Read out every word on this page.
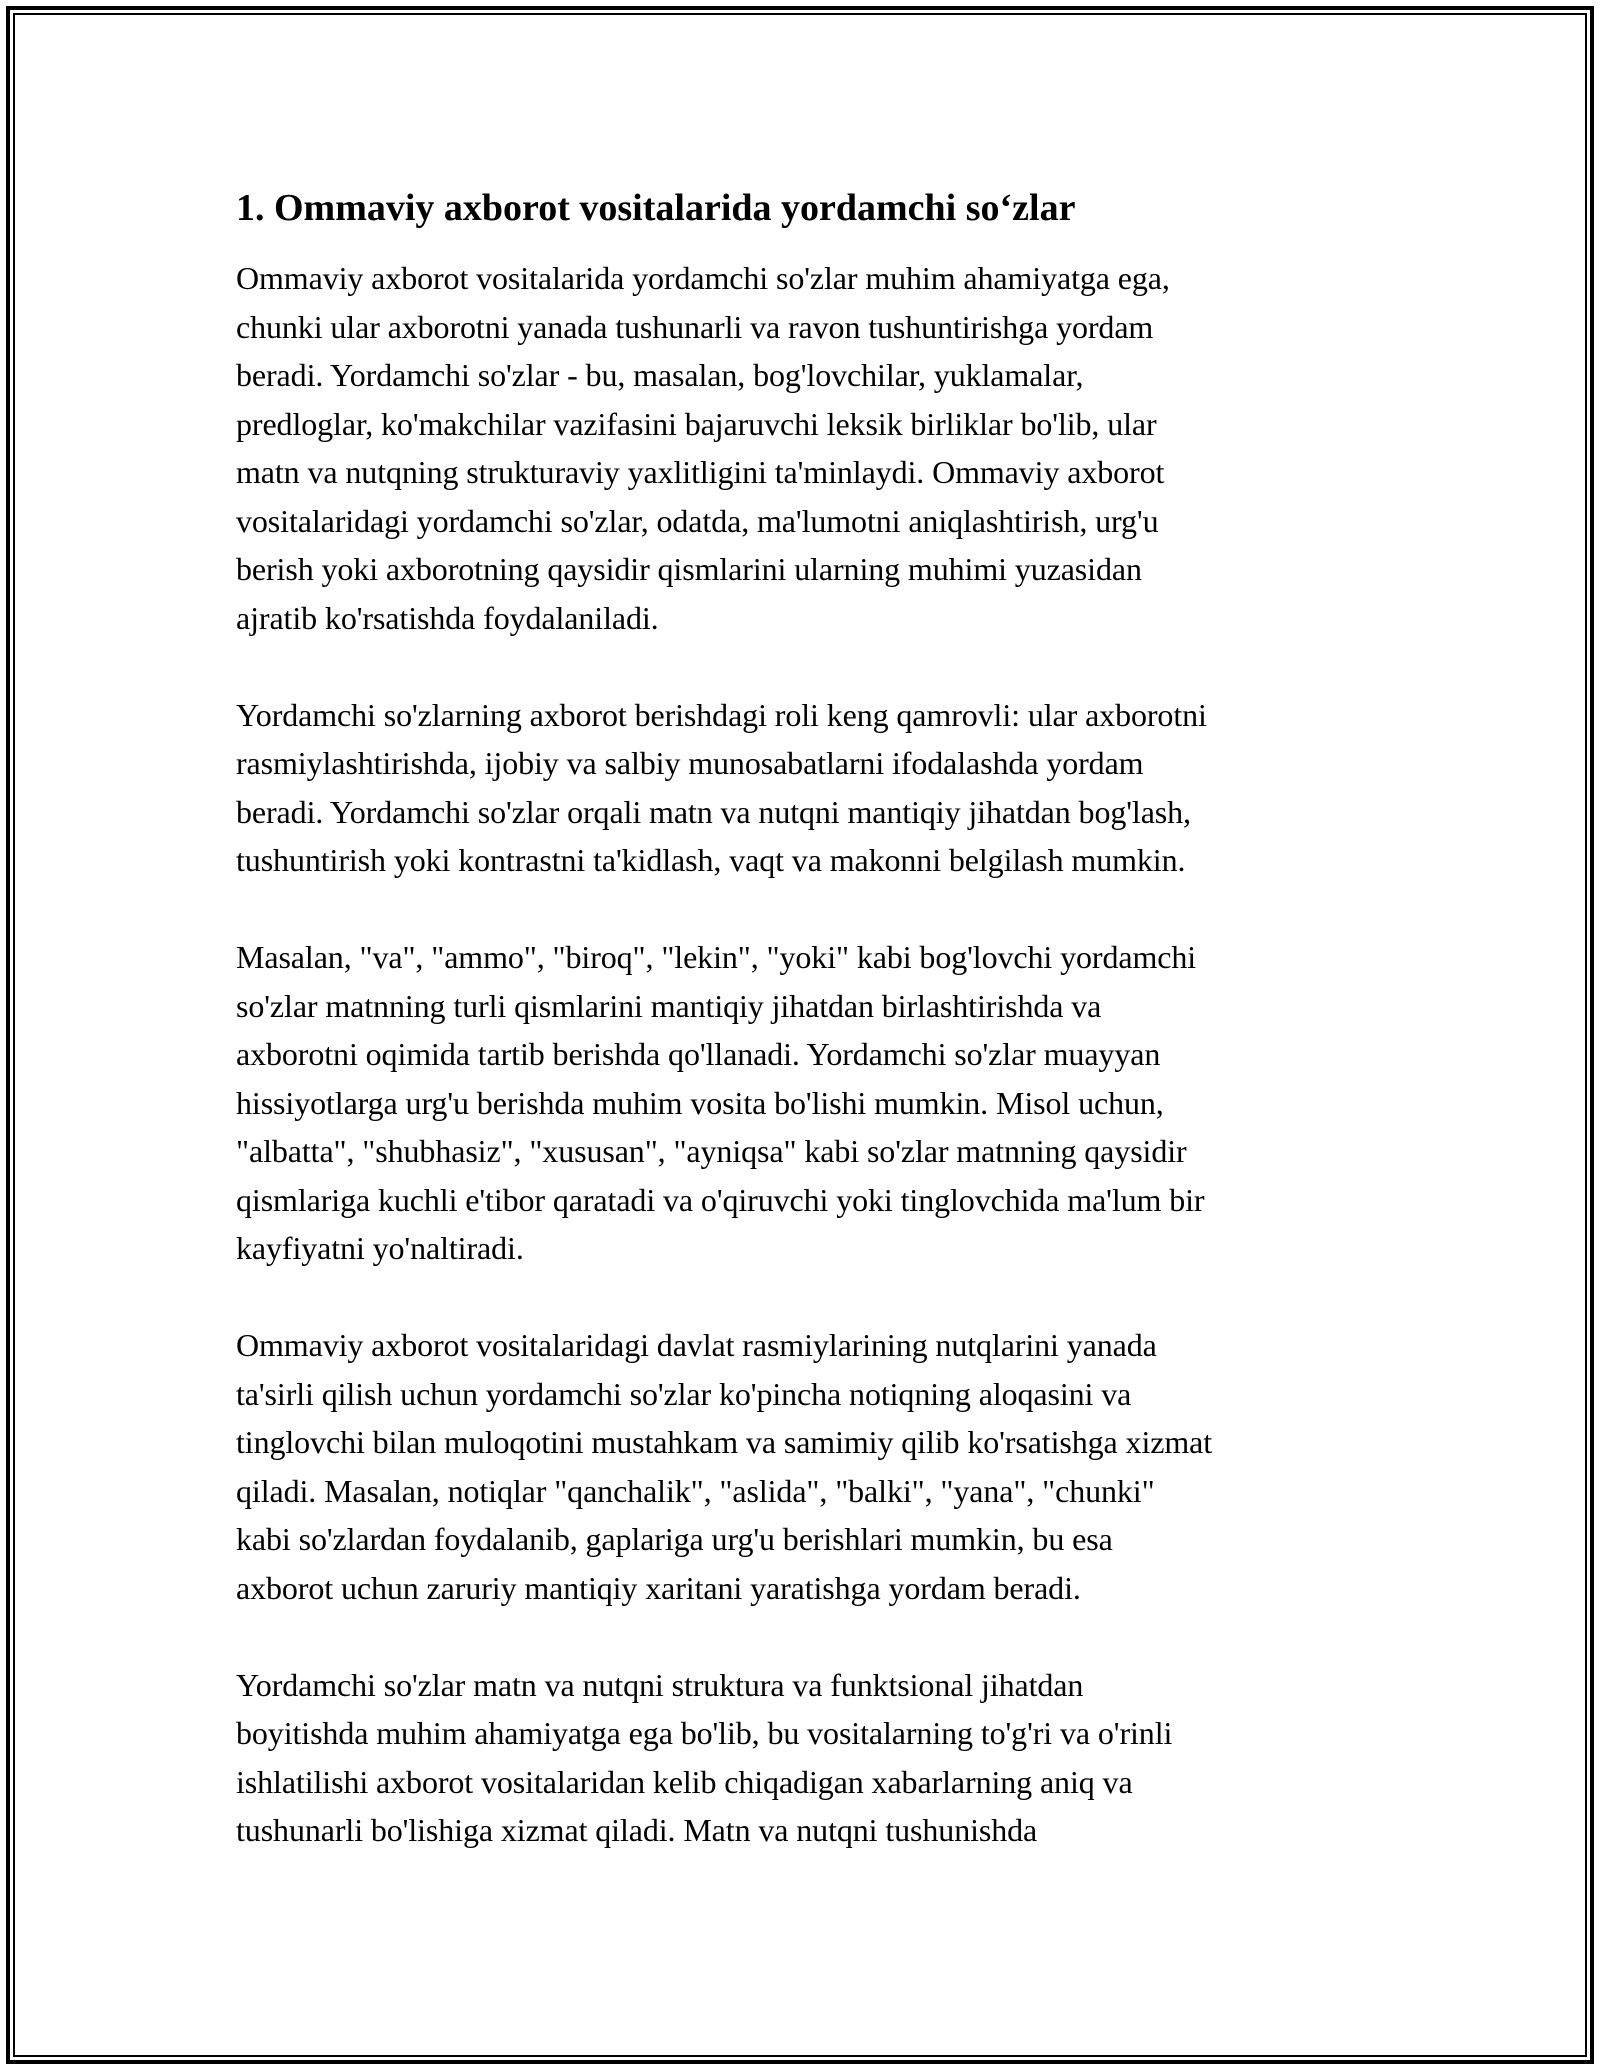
1. Ommaviy axborot vositalarida yordamchi so‘zlar
Ommaviy axborot vositalarida yordamchi so'zlar muhim ahamiyatga ega,
chunki ular axborotni yanada tushunarli va ravon tushuntirishga yordam
beradi. Yordamchi so'zlar - bu, masalan, bog'lovchilar, yuklamalar,
predloglar, ko'makchilar vazifasini bajaruvchi leksik birliklar bo'lib, ular
matn va nutqning strukturaviy yaxlitligini ta'minlaydi. Ommaviy axborot
vositalaridagi yordamchi so'zlar, odatda, ma'lumotni aniqlashtirish, urg'u
berish yoki axborotning qaysidir qismlarini ularning muhimi yuzasidan
ajratib ko'rsatishda foydalaniladi.
Yordamchi so'zlarning axborot berishdagi roli keng qamrovli: ular axborotni
rasmiylashtirishda, ijobiy va salbiy munosabatlarni ifodalashda yordam
beradi. Yordamchi so'zlar orqali matn va nutqni mantiqiy jihatdan bog'lash,
tushuntirish yoki kontrastni ta'kidlash, vaqt va makonni belgilash mumkin.
Masalan, "va", "ammo", "biroq", "lekin", "yoki" kabi bog'lovchi yordamchi
so'zlar matnning turli qismlarini mantiqiy jihatdan birlashtirishda va
axborotni oqimida tartib berishda qo'llanadi. Yordamchi so'zlar muayyan
hissiyotlarga urg'u berishda muhim vosita bo'lishi mumkin. Misol uchun,
"albatta", "shubhasiz", "xususan", "ayniqsa" kabi so'zlar matnning qaysidir
qismlariga kuchli e'tibor qaratadi va o'qiruvchi yoki tinglovchida ma'lum bir
kayfiyatni yo'naltiradi.
Ommaviy axborot vositalaridagi davlat rasmiylarining nutqlarini yanada
ta'sirli qilish uchun yordamchi so'zlar ko'pincha notiqning aloqasini va
tinglovchi bilan muloqotini mustahkam va samimiy qilib ko'rsatishga xizmat
qiladi. Masalan, notiqlar "qanchalik", "aslida", "balki", "yana", "chunki"
kabi so'zlardan foydalanib, gaplariga urg'u berishlari mumkin, bu esa
axborot uchun zaruriy mantiqiy xaritani yaratishga yordam beradi.
Yordamchi so'zlar matn va nutqni struktura va funktsional jihatdan
boyitishda muhim ahamiyatga ega bo'lib, bu vositalarning to'g'ri va o'rinli
ishlatilishi axborot vositalaridan kelib chiqadigan xabarlarning aniq va
tushunarli bo'lishiga xizmat qiladi. Matn va nutqni tushunishda
